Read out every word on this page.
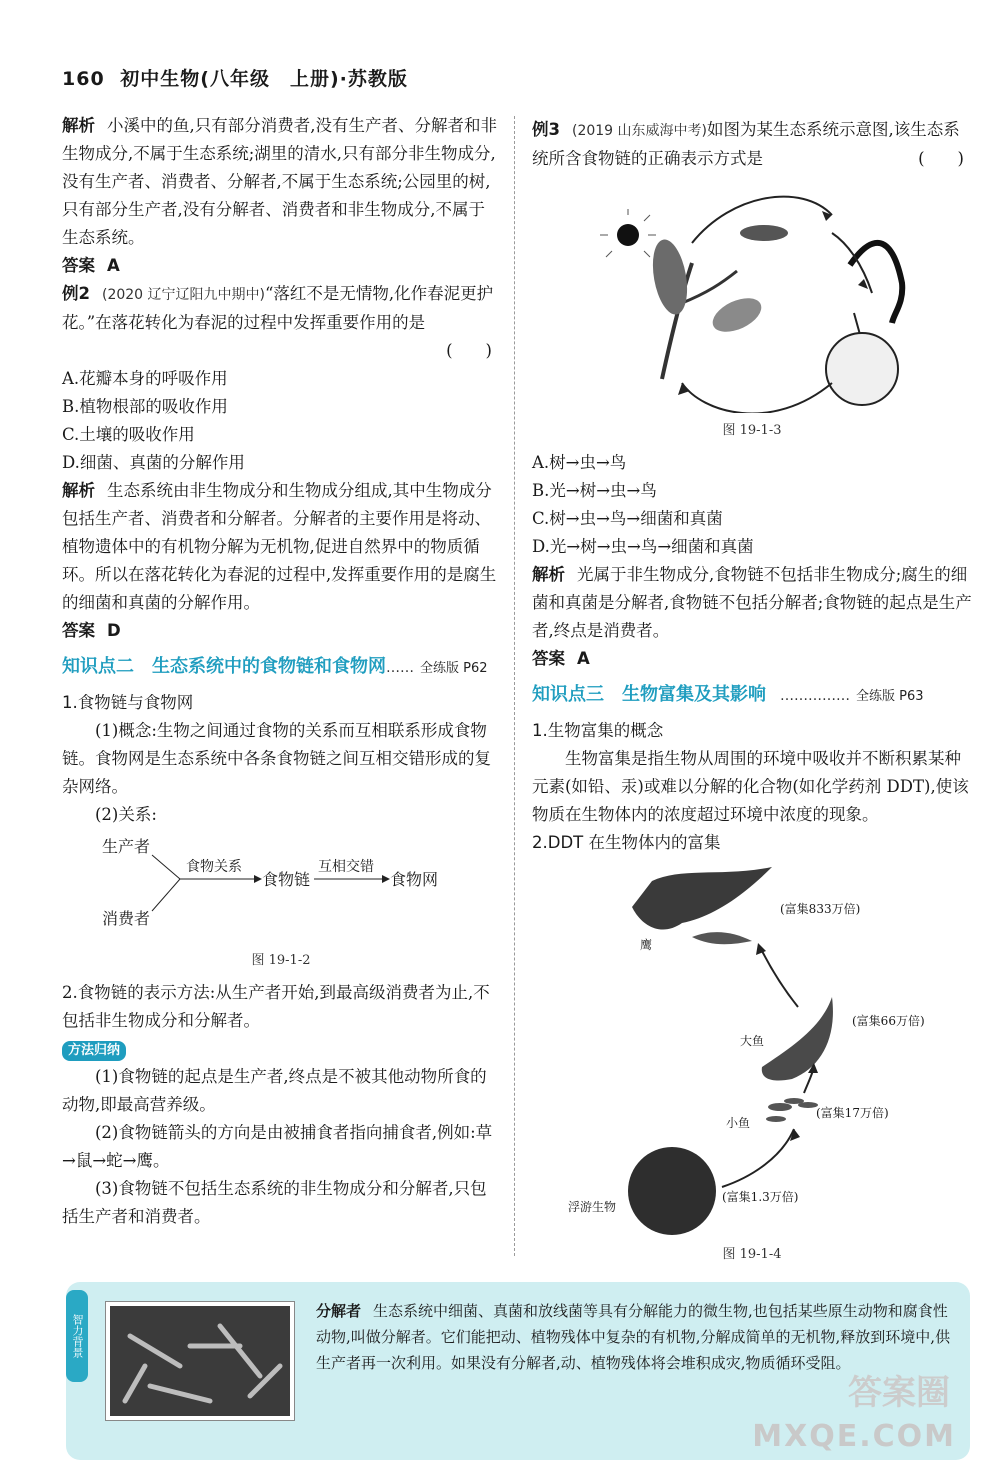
160 初中生物(八年级　上册)·苏教版

解析 小溪中的鱼,只有部分消费者,没有生产者、分解者和非生物成分,不属于生态系统;湖里的清水,只有部分非生物成分,没有生产者、消费者、分解者,不属于生态系统;公园里的树,只有部分生产者,没有分解者、消费者和非生物成分,不属于生态系统。

答案 A

例2 (2020 辽宁辽阳九中期中)“落红不是无情物,化作春泥更护花。”在落花转化为春泥的过程中发挥重要作用的是

(　　)

A.花瓣本身的呼吸作用

B.植物根部的吸收作用

C.土壤的吸收作用

D.细菌、真菌的分解作用

解析 生态系统由非生物成分和生物成分组成,其中生物成分包括生产者、消费者和分解者。分解者的主要作用是将动、植物遗体中的有机物分解为无机物,促进自然界中的物质循环。所以在落花转化为春泥的过程中,发挥重要作用的是腐生的细菌和真菌的分解作用。

答案 D

知识点二 生态系统中的食物链和食物网…… 全练版 P62

1.食物链与食物网

(1)概念:生物之间通过食物的关系而互相联系形成食物链。食物网是生态系统中各条食物链之间互相交错形成的复杂网络。

(2)关系:

生产者
消费者
食物关系
食物链
互相交错
食物网

图 19-1-2

2.食物链的表示方法:从生产者开始,到最高级消费者为止,不包括非生物成分和分解者。

方法归纳

(1)食物链的起点是生产者,终点是不被其他动物所食的动物,即最高营养级。

(2)食物链箭头的方向是由被捕食者指向捕食者,例如:草→鼠→蛇→鹰。

(3)食物链不包括生态系统的非生物成分和分解者,只包括生产者和消费者。

例3 (2019 山东威海中考)如图为某生态系统示意图,该生态系统所含食物链的正确表示方式是	(　　)

图 19-1-3

A.树→虫→鸟

B.光→树→虫→鸟

C.树→虫→鸟→细菌和真菌

D.光→树→虫→鸟→细菌和真菌

解析 光属于非生物成分,食物链不包括非生物成分;腐生的细菌和真菌是分解者,食物链不包括分解者;食物链的起点是生产者,终点是消费者。

答案 A

知识点三 生物富集及其影响 …………… 全练版 P63

1.生物富集的概念

生物富集是指生物从周围的环境中吸收并不断积累某种元素(如铅、汞)或难以分解的化合物(如化学药剂 DDT),使该物质在生物体内的浓度超过环境中浓度的现象。

2.DDT 在生物体内的富集

鹰
(富集833万倍)
大鱼
(富集66万倍)
小鱼
(富集17万倍)
浮游生物
(富集1.3万倍)

图 19-1-4

智力背景
分解者 生态系统中细菌、真菌和放线菌等具有分解能力的微生物,也包括某些原生动物和腐食性动物,叫做分解者。它们能把动、植物残体中复杂的有机物,分解成简单的无机物,释放到环境中,供生产者再一次利用。如果没有分解者,动、植物残体将会堆积成灾,物质循环受阻。
答案圈
MXQE.COM
